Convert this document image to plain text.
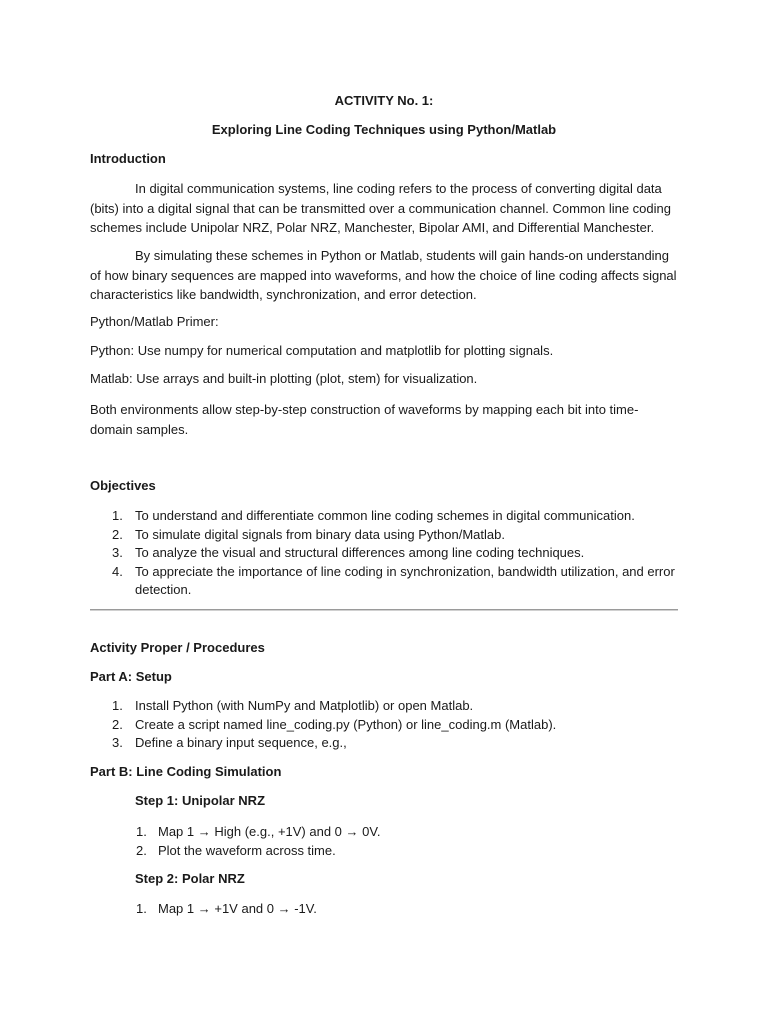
ACTIVITY No. 1:
Exploring Line Coding Techniques using Python/Matlab
Introduction
In digital communication systems, line coding refers to the process of converting digital data (bits) into a digital signal that can be transmitted over a communication channel. Common line coding schemes include Unipolar NRZ, Polar NRZ, Manchester, Bipolar AMI, and Differential Manchester.
By simulating these schemes in Python or Matlab, students will gain hands-on understanding of how binary sequences are mapped into waveforms, and how the choice of line coding affects signal characteristics like bandwidth, synchronization, and error detection.
Python/Matlab Primer:
Python: Use numpy for numerical computation and matplotlib for plotting signals.
Matlab: Use arrays and built-in plotting (plot, stem) for visualization.
Both environments allow step-by-step construction of waveforms by mapping each bit into time-domain samples.
Objectives
1. To understand and differentiate common line coding schemes in digital communication.
2. To simulate digital signals from binary data using Python/Matlab.
3. To analyze the visual and structural differences among line coding techniques.
4. To appreciate the importance of line coding in synchronization, bandwidth utilization, and error detection.
Activity Proper / Procedures
Part A: Setup
1. Install Python (with NumPy and Matplotlib) or open Matlab.
2. Create a script named line_coding.py (Python) or line_coding.m (Matlab).
3. Define a binary input sequence, e.g.,
Part B: Line Coding Simulation
Step 1: Unipolar NRZ
1. Map 1 → High (e.g., +1V) and 0 → 0V.
2. Plot the waveform across time.
Step 2: Polar NRZ
1. Map 1 → +1V and 0 → -1V.
